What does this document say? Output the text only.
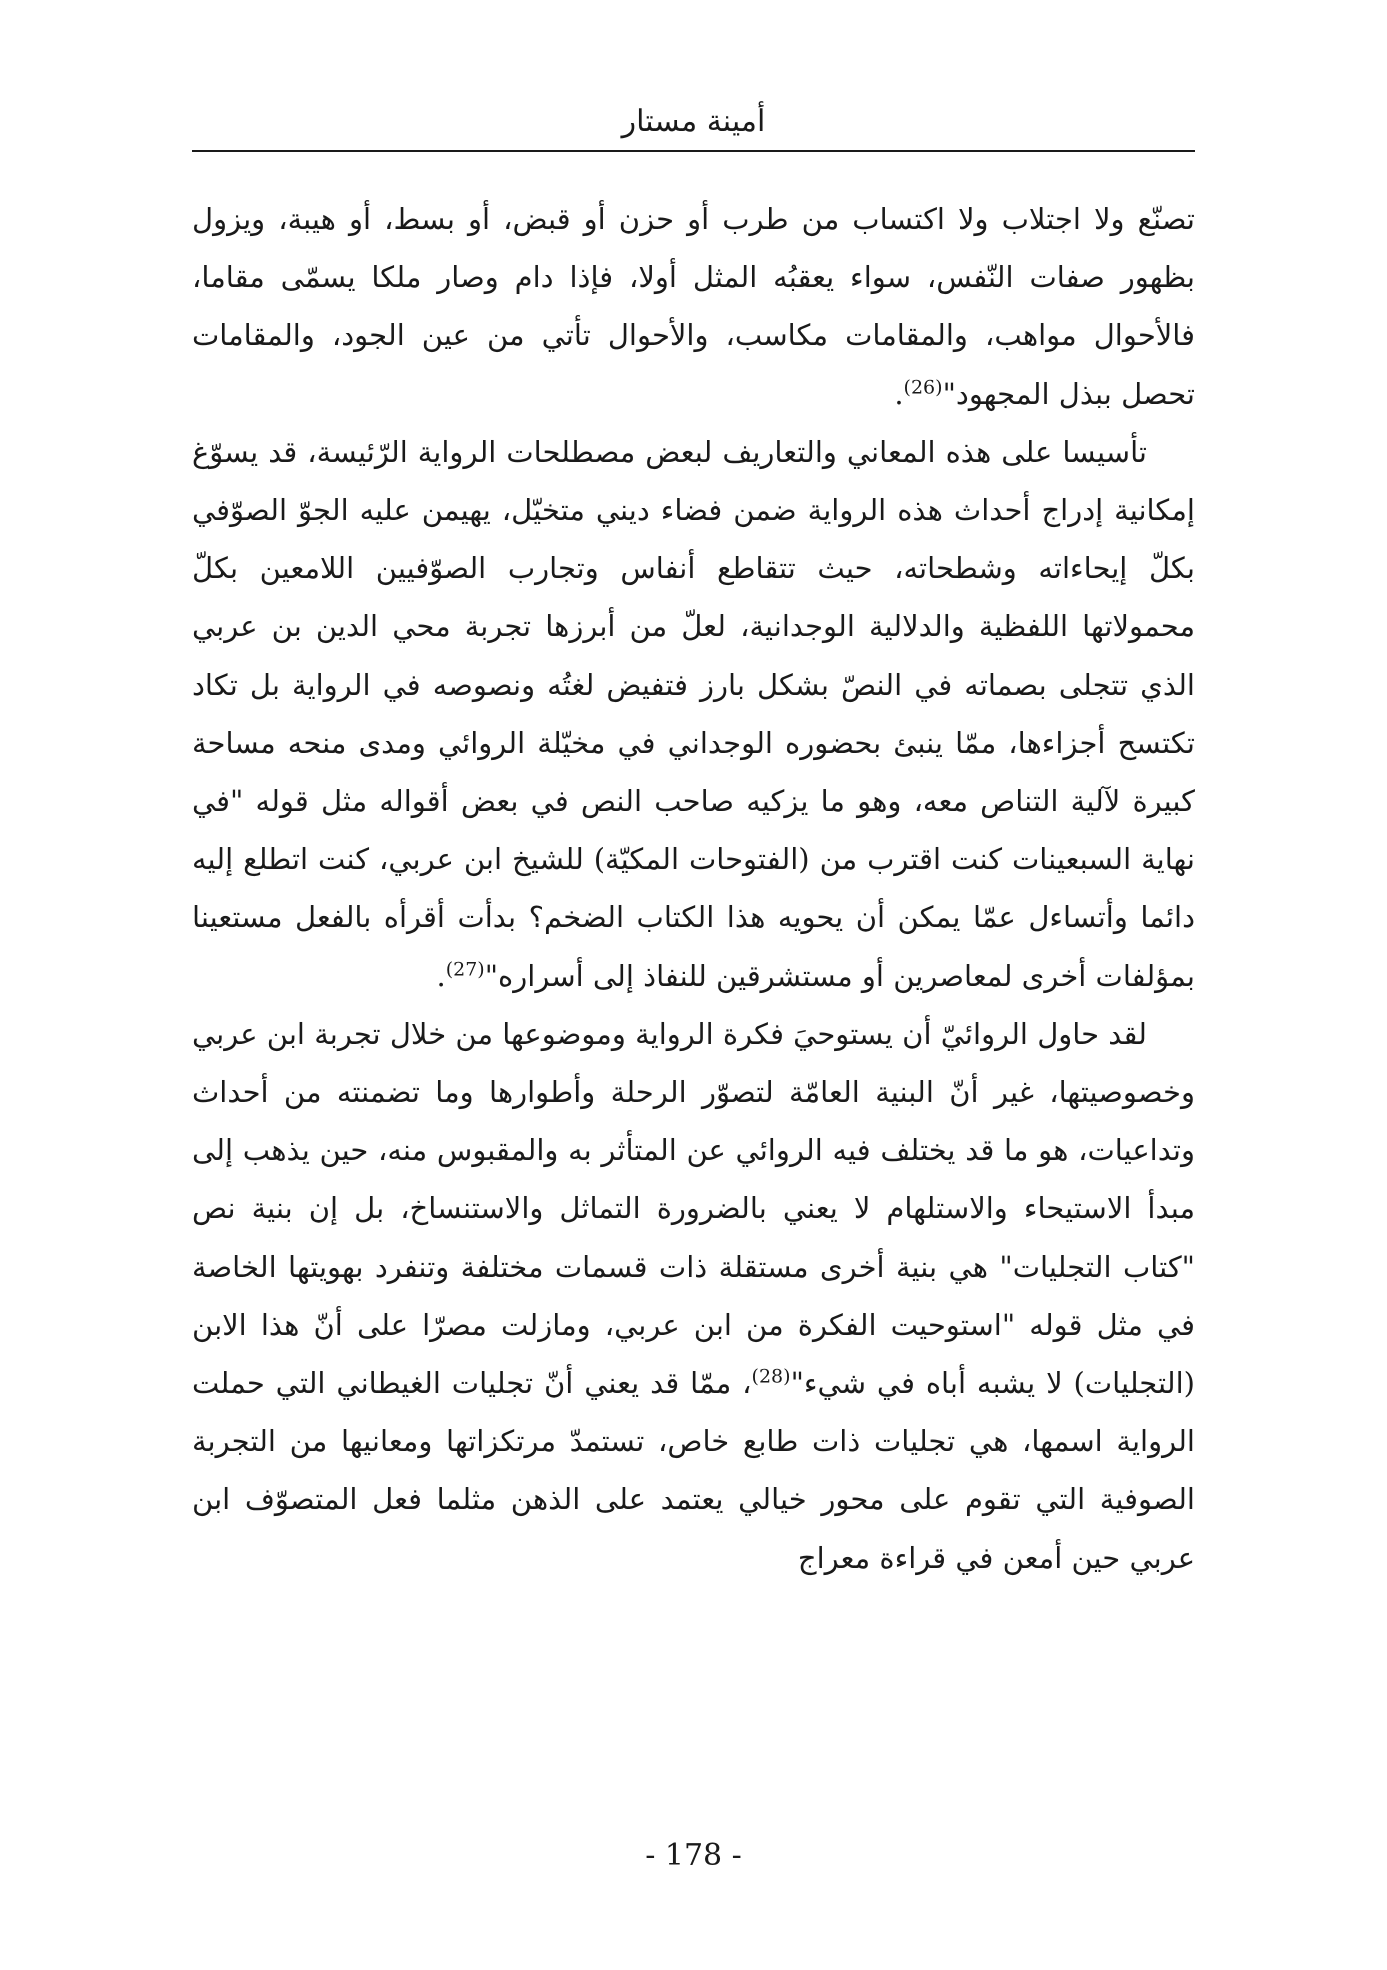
أمينة مستار

تصنّع ولا اجتلاب ولا اكتساب من طرب أو حزن أو قبض، أو بسط، أو هيبة، ويزول بظهور صفات النّفس، سواء يعقبُه المثل أولا، فإذا دام وصار ملكا يسمّى مقاما، فالأحوال مواهب، والمقامات مكاسب، والأحوال تأتي من عين الجود، والمقامات تحصل ببذل المجهود"$^{(26)}$.

تأسيسا على هذه المعاني والتعاريف لبعض مصطلحات الرواية الرّئيسة، قد يسوّغ إمكانية إدراج أحداث هذه الرواية ضمن فضاء ديني متخيّل، يهيمن عليه الجوّ الصوّفي بكلّ إيحاءاته وشطحاته، حيث تتقاطع أنفاس وتجارب الصوّفيين اللامعين بكلّ محمولاتها اللفظية والدلالية الوجدانية، لعلّ من أبرزها تجربة محي الدين بن عربي الذي تتجلى بصماته في النصّ بشكل بارز فتفيض لغتُه ونصوصه في الرواية بل تكاد تكتسح أجزاءها، ممّا ينبئ بحضوره الوجداني في مخيّلة الروائي ومدى منحه مساحة كبيرة لآلية التناص معه، وهو ما يزكيه صاحب النص في بعض أقواله مثل قوله "في نهاية السبعينات كنت اقترب من (الفتوحات المكيّة) للشيخ ابن عربي، كنت اتطلع إليه دائما وأتساءل عمّا يمكن أن يحويه هذا الكتاب الضخم؟ بدأت أقرأه بالفعل مستعينا بمؤلفات أخرى لمعاصرين أو مستشرقين للنفاذ إلى أسراره"$^{(27)}$.

لقد حاول الروائيّ أن يستوحيَ فكرة الرواية وموضوعها من خلال تجربة ابن عربي وخصوصيتها، غير أنّ البنية العامّة لتصوّر الرحلة وأطوارها وما تضمنته من أحداث وتداعيات، هو ما قد يختلف فيه الروائي عن المتأثر به والمقبوس منه، حين يذهب إلى مبدأ الاستيحاء والاستلهام لا يعني بالضرورة التماثل والاستنساخ، بل إن بنية نص "كتاب التجليات" هي بنية أخرى مستقلة ذات قسمات مختلفة وتنفرد بهويتها الخاصة في مثل قوله "استوحيت الفكرة من ابن عربي، ومازلت مصرّا على أنّ هذا الابن (التجليات) لا يشبه أباه في شيء"$^{(28)}$، ممّا قد يعني أنّ تجليات الغيطاني التي حملت الرواية اسمها، هي تجليات ذات طابع خاص، تستمدّ مرتكزاتها ومعانيها من التجربة الصوفية التي تقوم على محور خيالي يعتمد على الذهن مثلما فعل المتصوّف ابن عربي حين أمعن في قراءة معراج

- 178 -
